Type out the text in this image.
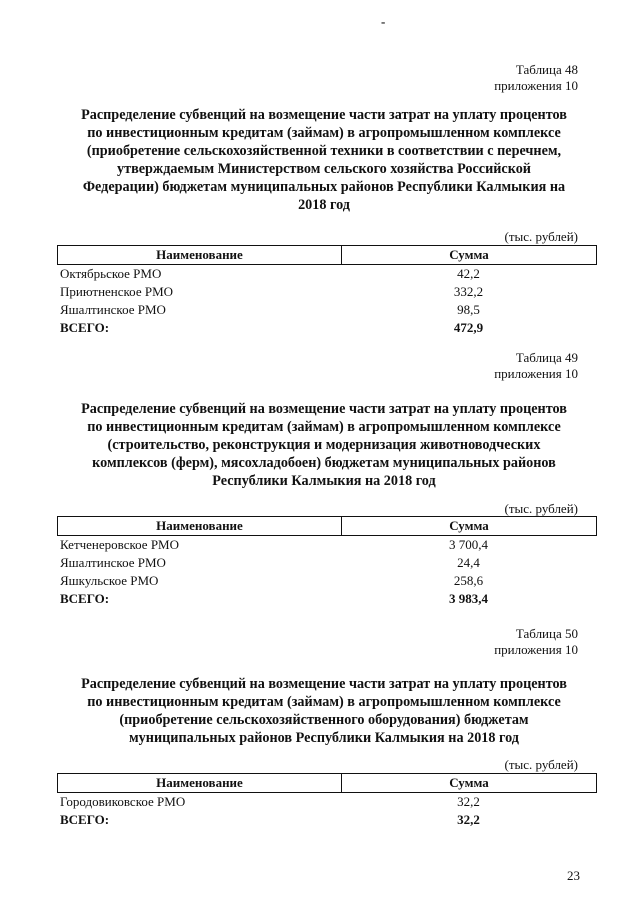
-
Таблица 48
приложения 10
Распределение субвенций на возмещение части затрат на уплату процентов
по инвестиционным кредитам (займам) в агропромышленном комплексе
(приобретение сельскохозяйственной техники в соответствии с перечнем,
утверждаемым Министерством сельского хозяйства Российской
Федерации) бюджетам муниципальных районов Республики Калмыкия на
2018 год
(тыс. рублей)
Наименование	Сумма
Октябрьское РМО	42,2
Приютненское РМО	332,2
Яшалтинское РМО	98,5
ВСЕГО:	472,9
Таблица 49
приложения 10
Распределение субвенций на возмещение части затрат на уплату процентов
по инвестиционным кредитам (займам) в агропромышленном комплексе
(строительство, реконструкция и модернизация животноводческих
комплексов (ферм), мясохладобоен) бюджетам муниципальных районов
Республики Калмыкия на 2018 год
(тыс. рублей)
Наименование	Сумма
Кетченеровское РМО	3 700,4
Яшалтинское РМО	24,4
Яшкульское РМО	258,6
ВСЕГО:	3 983,4
Таблица 50
приложения 10
Распределение субвенций на возмещение части затрат на уплату процентов
по инвестиционным кредитам (займам) в агропромышленном комплексе
(приобретение сельскохозяйственного оборудования) бюджетам
муниципальных районов Республики Калмыкия на 2018 год
(тыс. рублей)
Наименование	Сумма
Городовиковское РМО	32,2
ВСЕГО:	32,2
23
